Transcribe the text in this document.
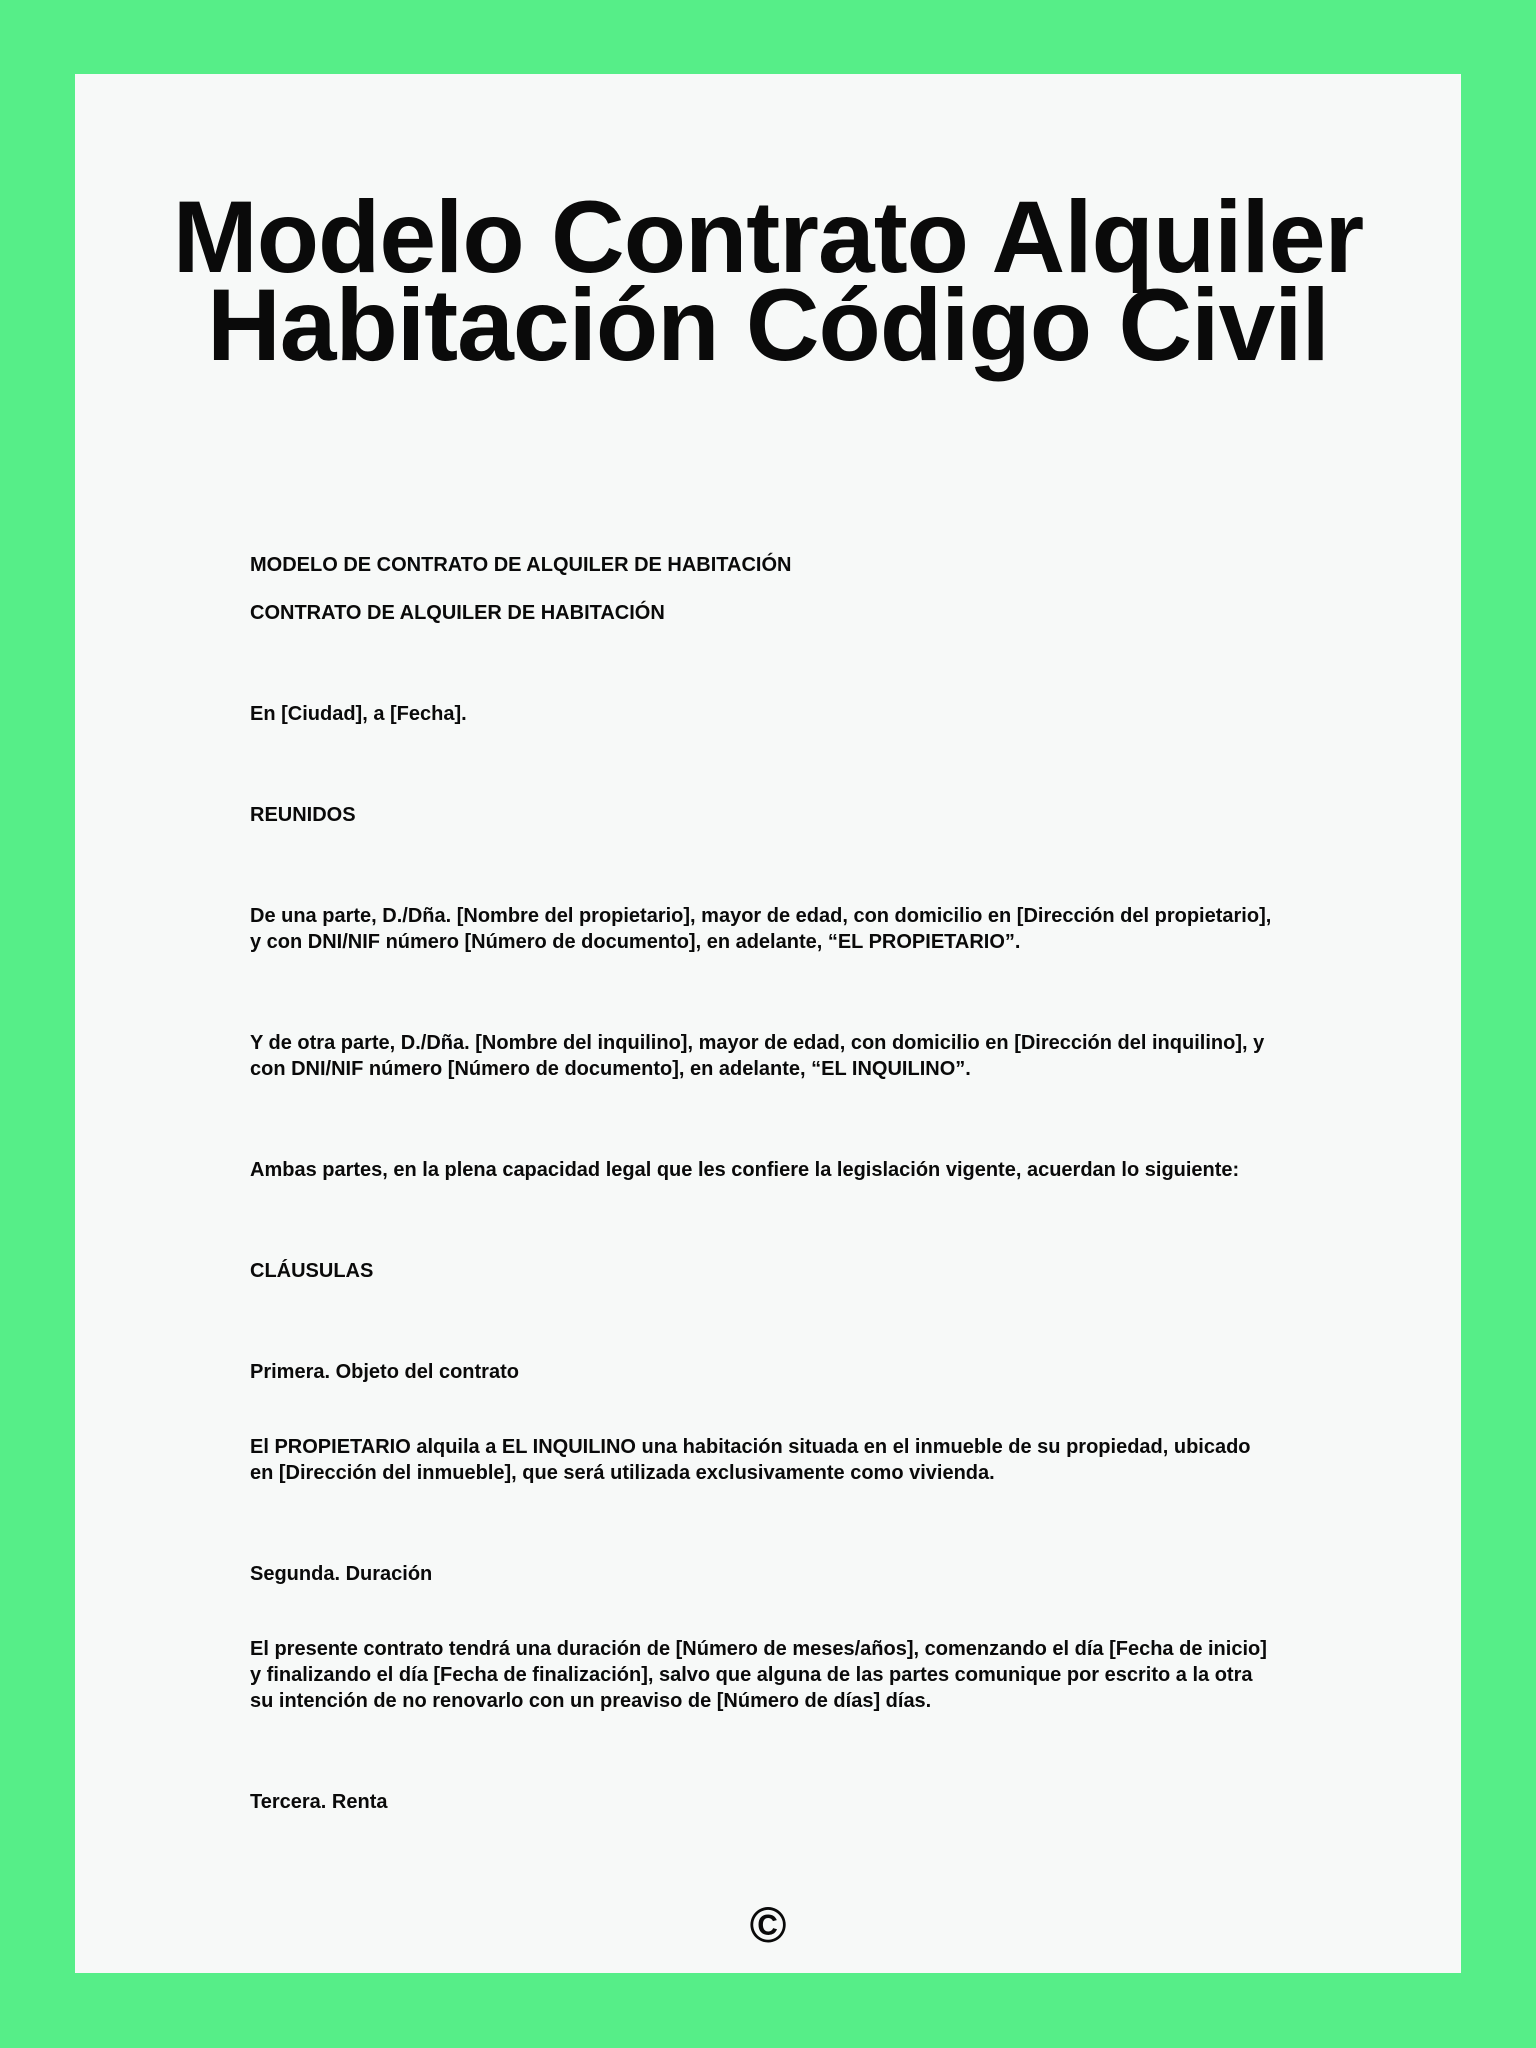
Modelo Contrato Alquiler
Habitación Código Civil

MODELO DE CONTRATO DE ALQUILER DE HABITACIÓN

CONTRATO DE ALQUILER DE HABITACIÓN

En [Ciudad], a [Fecha].

REUNIDOS

De una parte, D./Dña. [Nombre del propietario], mayor de edad, con domicilio en [Dirección del propietario],
y con DNI/NIF número [Número de documento], en adelante, “EL PROPIETARIO”.

Y de otra parte, D./Dña. [Nombre del inquilino], mayor de edad, con domicilio en [Dirección del inquilino], y
con DNI/NIF número [Número de documento], en adelante, “EL INQUILINO”.

Ambas partes, en la plena capacidad legal que les confiere la legislación vigente, acuerdan lo siguiente:

CLÁUSULAS

Primera. Objeto del contrato

El PROPIETARIO alquila a EL INQUILINO una habitación situada en el inmueble de su propiedad, ubicado
en [Dirección del inmueble], que será utilizada exclusivamente como vivienda.

Segunda. Duración

El presente contrato tendrá una duración de [Número de meses/años], comenzando el día [Fecha de inicio]
y finalizando el día [Fecha de finalización], salvo que alguna de las partes comunique por escrito a la otra
su intención de no renovarlo con un preaviso de [Número de días] días.

Tercera. Renta

©
